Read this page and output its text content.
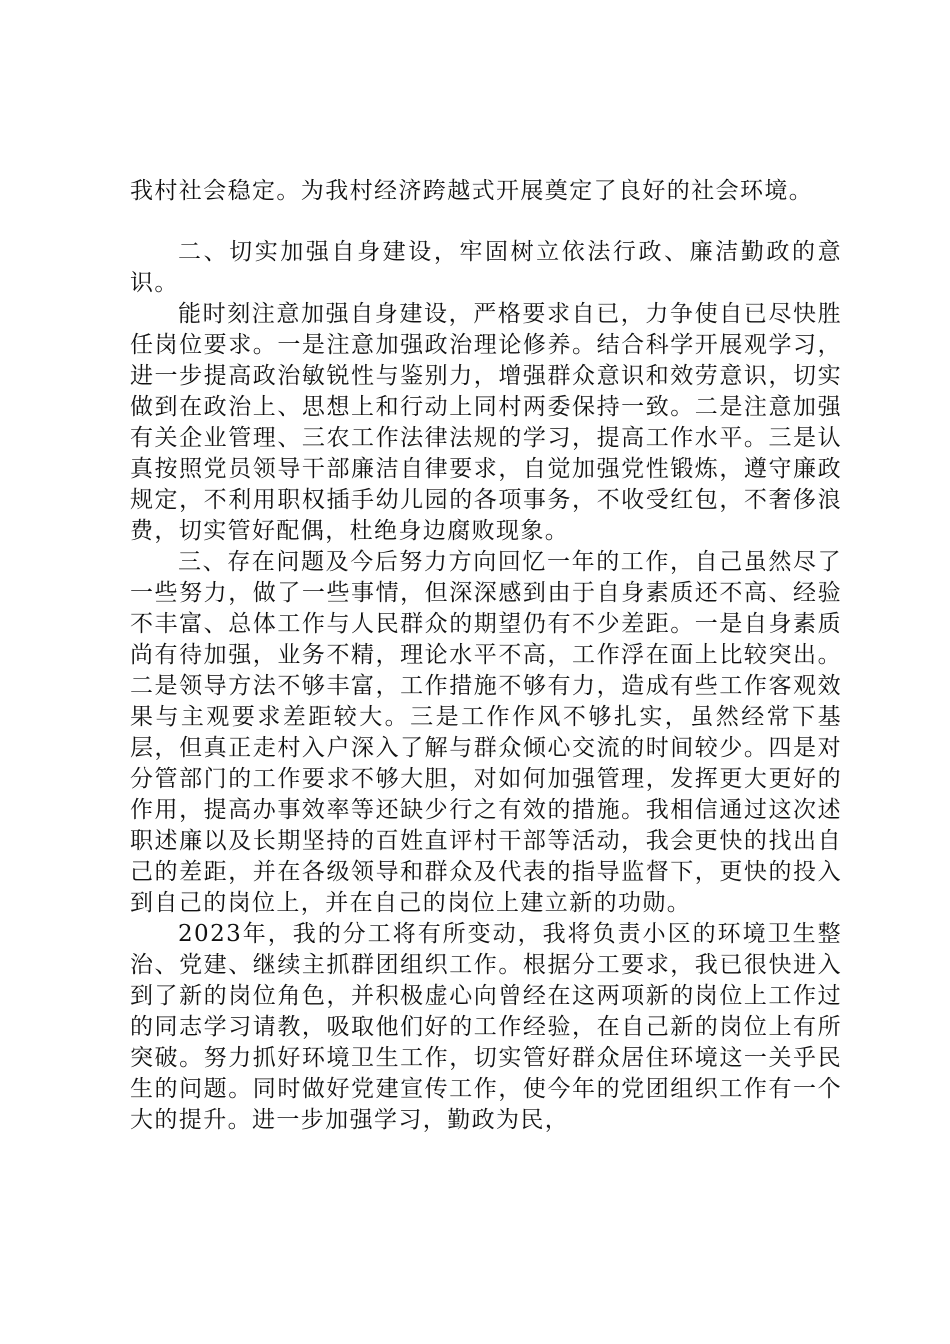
我村社会稳定。为我村经济跨越式开展奠定了良好的社会环境。

二、切实加强自身建设，牢固树立依法行政、廉洁勤政的意识。

能时刻注意加强自身建设，严格要求自已，力争使自已尽快胜任岗位要求。一是注意加强政治理论修养。结合科学开展观学习，进一步提高政治敏锐性与鉴别力，增强群众意识和效劳意识，切实做到在政治上、思想上和行动上同村两委保持一致。二是注意加强有关企业管理、三农工作法律法规的学习，提高工作水平。三是认真按照党员领导干部廉洁自律要求，自觉加强党性锻炼，遵守廉政规定，不利用职权插手幼儿园的各项事务，不收受红包，不奢侈浪费，切实管好配偶，杜绝身边腐败现象。

三、存在问题及今后努力方向回忆一年的工作，自己虽然尽了一些努力，做了一些事情，但深深感到由于自身素质还不高、经验不丰富、总体工作与人民群众的期望仍有不少差距。一是自身素质尚有待加强，业务不精，理论水平不高，工作浮在面上比较突出。二是领导方法不够丰富，工作措施不够有力，造成有些工作客观效果与主观要求差距较大。三是工作作风不够扎实，虽然经常下基层，但真正走村入户深入了解与群众倾心交流的时间较少。四是对分管部门的工作要求不够大胆，对如何加强管理，发挥更大更好的作用，提高办事效率等还缺少行之有效的措施。我相信通过这次述职述廉以及长期坚持的百姓直评村干部等活动，我会更快的找出自己的差距，并在各级领导和群众及代表的指导监督下，更快的投入到自己的岗位上，并在自己的岗位上建立新的功勋。

2023年，我的分工将有所变动，我将负责小区的环境卫生整治、党建、继续主抓群团组织工作。根据分工要求，我已很快进入到了新的岗位角色，并积极虚心向曾经在这两项新的岗位上工作过的同志学习请教，吸取他们好的工作经验，在自己新的岗位上有所突破。努力抓好环境卫生工作，切实管好群众居住环境这一关乎民生的问题。同时做好党建宣传工作，使今年的党团组织工作有一个大的提升。进一步加强学习，勤政为民，
